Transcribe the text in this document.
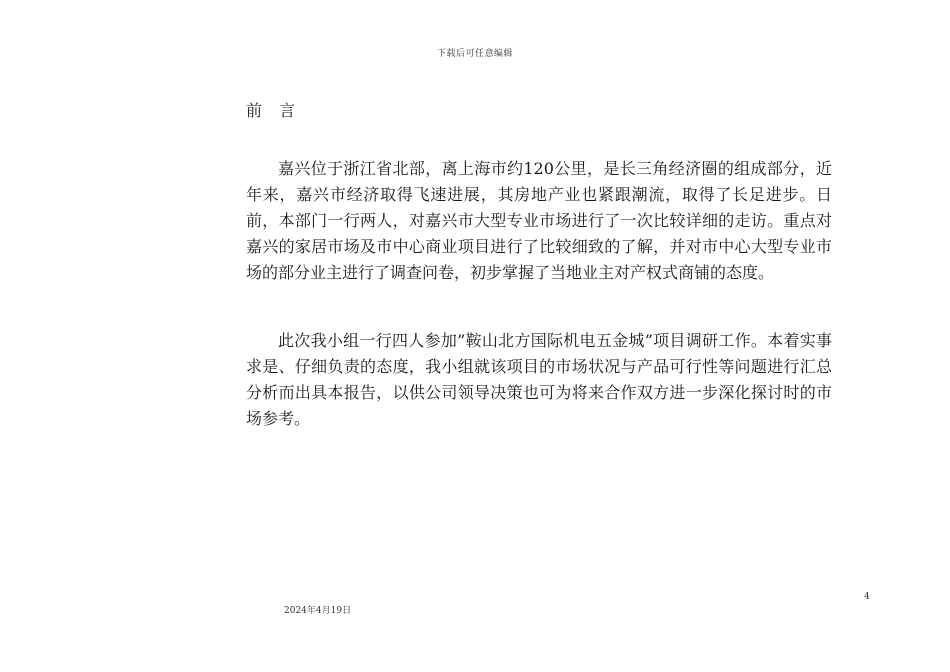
下载后可任意编辑
前 言

嘉兴位于浙江省北部，离上海市约120公里，是长三角经济圈的组成部分，近年来，嘉兴市经济取得飞速进展，其房地产业也紧跟潮流，取得了长足进步。日前，本部门一行两人，对嘉兴市大型专业市场进行了一次比较详细的走访。重点对嘉兴的家居市场及市中心商业项目进行了比较细致的了解，并对市中心大型专业市场的部分业主进行了调查问卷，初步掌握了当地业主对产权式商铺的态度。

此次我小组一行四人参加”鞍山北方国际机电五金城”项目调研工作。本着实事求是、仔细负责的态度，我小组就该项目的市场状况与产品可行性等问题进行汇总分析而出具本报告，以供公司领导决策也可为将来合作双方进一步深化探讨时的市场参考。

4
2024年4月19日
